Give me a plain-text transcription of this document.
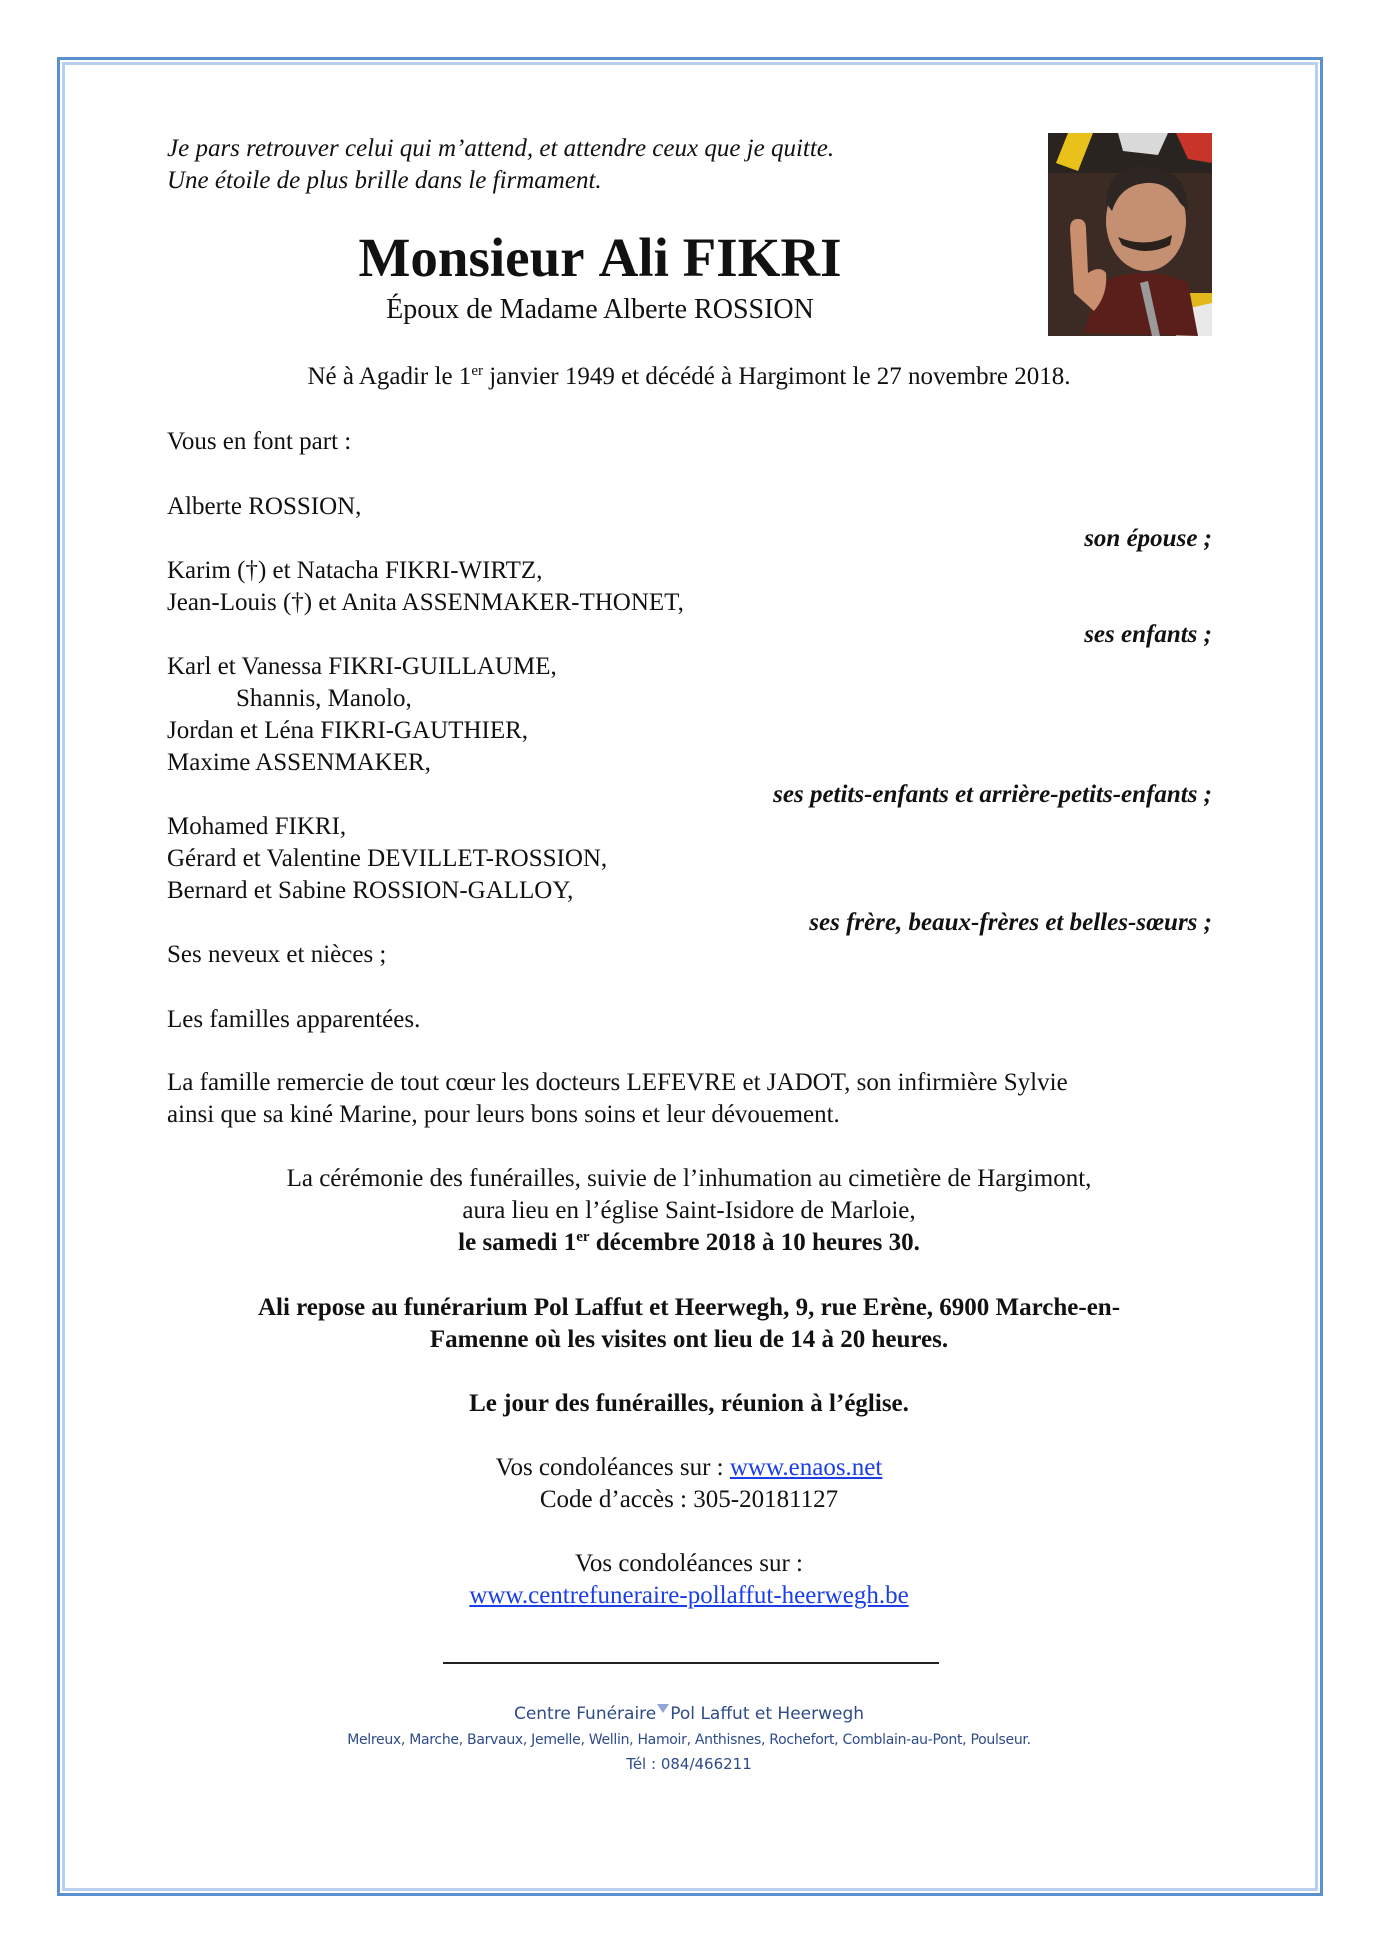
Je pars retrouver celui qui m’attend, et attendre ceux que je quitte.
Une étoile de plus brille dans le firmament.
Monsieur Ali FIKRI
Époux de Madame Alberte ROSSION
Né à Agadir le 1er janvier 1949 et décédé à Hargimont le 27 novembre 2018.
Vous en font part :
Alberte ROSSION,
son épouse ;
Karim (†) et Natacha FIKRI-WIRTZ,
Jean-Louis (†) et Anita ASSENMAKER-THONET,
ses enfants ;
Karl et Vanessa FIKRI-GUILLAUME,
Shannis, Manolo,
Jordan et Léna FIKRI-GAUTHIER,
Maxime ASSENMAKER,
ses petits-enfants et arrière-petits-enfants ;
Mohamed FIKRI,
Gérard et Valentine DEVILLET-ROSSION,
Bernard et Sabine ROSSION-GALLOY,
ses frère, beaux-frères et belles-sœurs ;
Ses neveux et nièces ;
Les familles apparentées.
La famille remercie de tout cœur les docteurs LEFEVRE et JADOT, son infirmière Sylvie
ainsi que sa kiné Marine, pour leurs bons soins et leur dévouement.
La cérémonie des funérailles, suivie de l’inhumation au cimetière de Hargimont,
aura lieu en l’église Saint-Isidore de Marloie,
le samedi 1er décembre 2018 à 10 heures 30.
Ali repose au funérarium Pol Laffut et Heerwegh, 9, rue Erène, 6900 Marche-en-
Famenne où les visites ont lieu de 14 à 20 heures.
Le jour des funérailles, réunion à l’église.
Vos condoléances sur : www.enaos.net
Code d’accès : 305-20181127
Vos condoléances sur :
www.centrefuneraire-pollaffut-heerwegh.be
Centre Funéraire Pol Laffut et Heerwegh
Melreux, Marche, Barvaux, Jemelle, Wellin, Hamoir, Anthisnes, Rochefort, Comblain-au-Pont, Poulseur.
Tél : 084/466211
